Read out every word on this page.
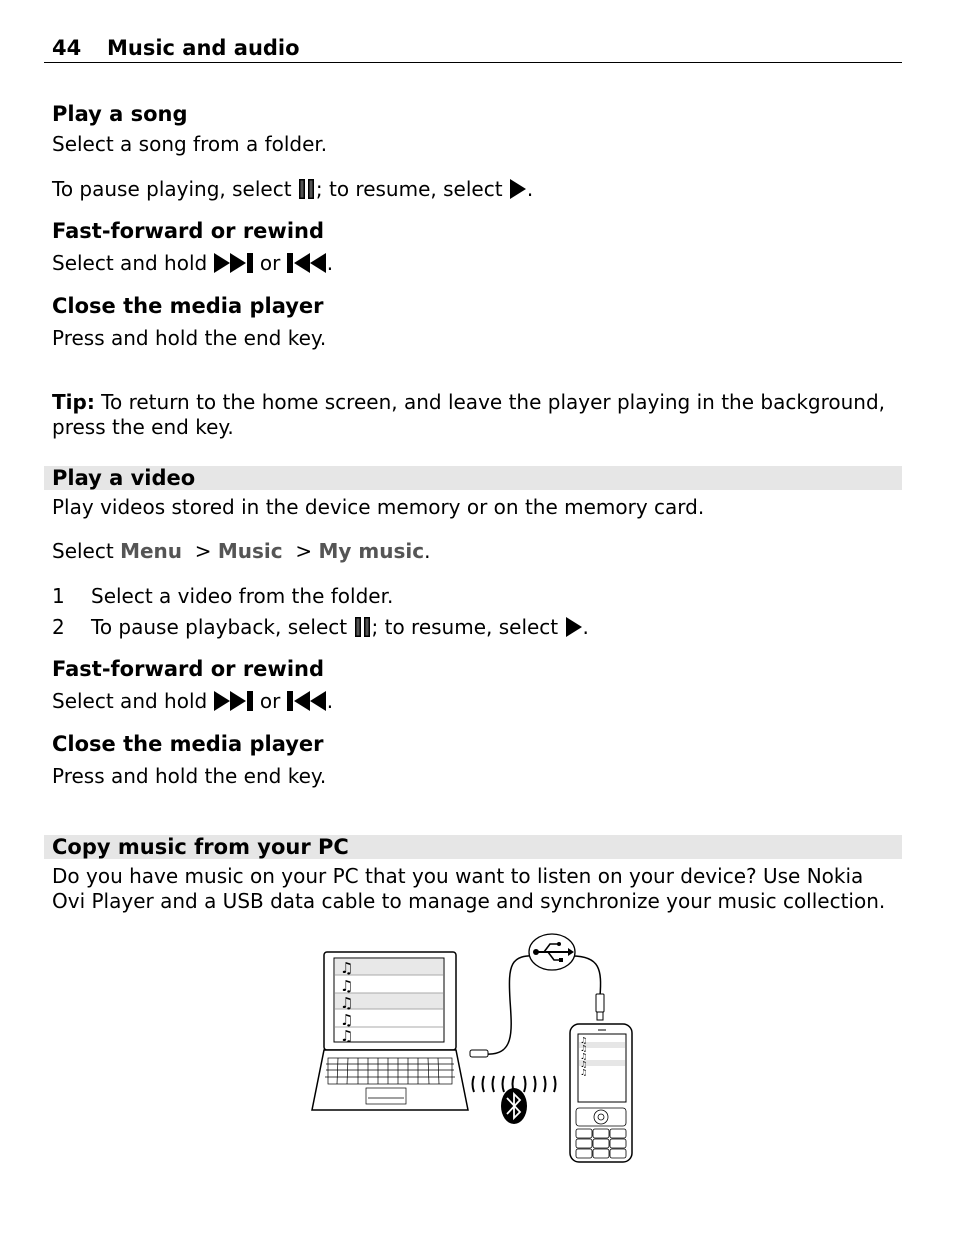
44 Music and audio
Play a song
Select a song from a folder.
To pause playing, select ; to resume, select .
Fast-forward or rewind
Select and hold  or .
Close the media player
Press and hold the end key.
Tip: To return to the home screen, and leave the player playing in the background, press the end key.
Play a video
Play videos stored in the device memory or on the memory card.
Select Menu  > Music  > My music.
1 Select a video from the folder.
2 To pause playback, select ; to resume, select .
Fast-forward or rewind
Select and hold  or .
Close the media player
Press and hold the end key.
Copy music from your PC
Do you have music on your PC that you want to listen on your device? Use Nokia Ovi Player and a USB data cable to manage and synchronize your music collection.
♫
♫
♫
♫
♫	♫
♫
♫
♫
♫
